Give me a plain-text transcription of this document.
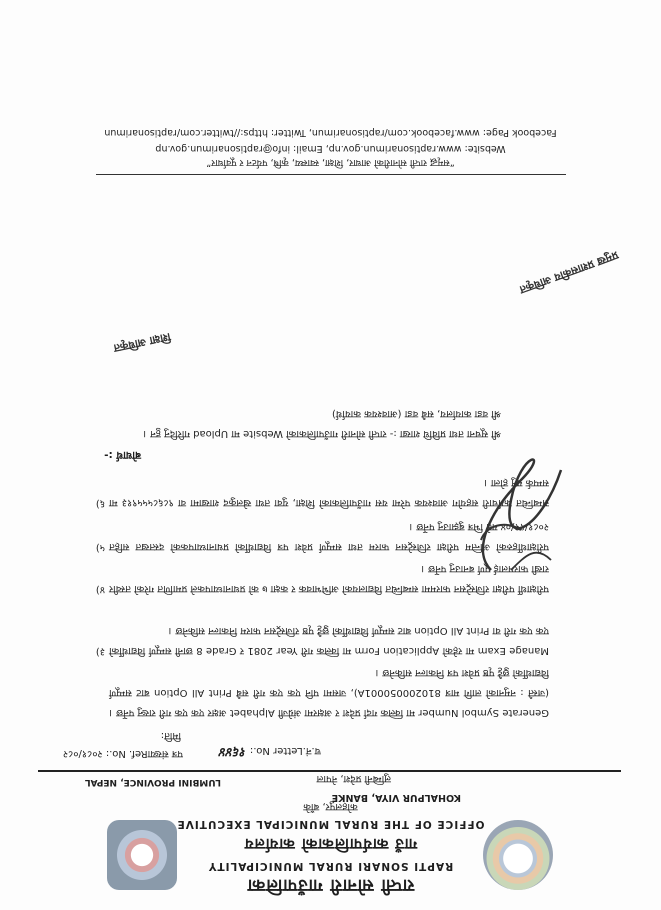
राप्ती सोनारी गाउँपालिका
RAPTI SONARI RURAL MUNICIPALITY
गाउँ कार्यपालिकाको कार्यालय
OFFICE OF THE RURAL MUNICIPAL EXECUTIVE
कोहलपुर, बाँके
KOHALPUR VIYA, BANKE
लुम्बिनी प्रदेश, नेपाल
LUMBINI PROVINCE, NEPAL
पत्र संख्याRef. No.: २०८१/०८२	च.नं.Letter No.: १६४४
मिति:
Generate Symbol Number मा क्लिक गर्दा प्रदेश र अक्षरमा अंग्रेजी Alphabet अक्षर एक एक गरी राख्नु पर्नेछ । (जस्तै : नमुनाको लागि मात्र 810200050001A), जसमा पनि एक एक गरी सबै Print All Option बाट सम्पूर्ण विद्यार्थीको छुट्टै पृष्ठ प्रवेश पत्र निकाल्न सकिनेछ ।
३) Manage Exam मा रहेको Application Form मा क्लिक गरी Year 2081 र Grade 8 छानी सम्पूर्ण विद्यार्थीको एक एक गरी वा Print All Option बाट सम्पूर्ण विद्यार्थीको छुट्टै पृष्ठ रजिस्ट्रेसन फारम निकाल्न सकिनेछ ।
४) परीक्षार्थी परीक्षा रजिस्ट्रेसन फारममा सम्बन्धित विद्यालयको अभिभावक र कक्षा ७ को प्रधानाध्यापकले प्रमाणित गरेको तस्वीर राखी फारमलाई पूर्ण बनाउनु पर्नेछ ।
५) परीक्षार्थीहरुको अन्तिम परीक्षा रजिस्ट्रेसन फारम तथा सम्पूर्ण प्रवेश पत्र विद्यार्थीको प्रधानाध्यापकको दस्तखत सहित २०८१/१२/०४ गते भित्र बुझाउनु पर्नेछ ।
६) सम्बन्धित कर्मचारी सहयोग आवश्यक परेमा यस गाउँपालिकाको शिक्षा, युवा तथा खेलकुद शाखामा वा ९८६८५५५९१३ मा सम्पर्क गर्नु होला ।
बोधार्थ :-
श्री सूचना तथा प्रविधि शाखा :- राप्ती सोनारी गाउँपालिकाको Website मा Upload गरिदिनु हुन ।
श्री वडा कार्यालय, सबै वडा (आवश्यक कार्यार्थ)
शिक्षा अधिकृत
प्रमुख प्रशासकीय अधिकृत
“समृद्ध राप्ती सोनारीको आधार, शिक्षा, स्वास्थ्य, कृषि, पर्यटन र पूर्वाधार”
Website: www.raptisonarimun.gov.np, Email: info@raptisonarimun.gov.np
Facebook Page: www.facebook.com/raptisonarimun, Twitter: https://twitter.com/raptisonarimun
